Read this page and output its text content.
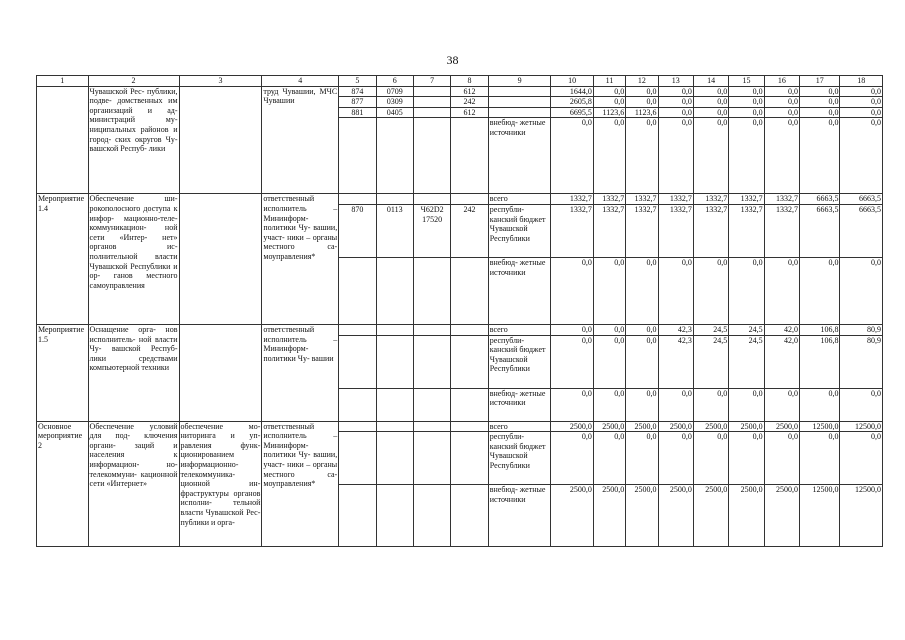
38
1	2	3	4	5	6	7	8	9	10	11	12	13	14	15	16	17	18
	Чувашской Рес- публики, подве- домственных им организаций и ад- министраций му- ниципальных районов и город- ских округов Чу- вашской Респуб- лики		труд Чувашии, МЧС Чувашии	874	0709		612		1644,0	0,0	0,0	0,0	0,0	0,0	0,0	0,0	0,0
				877	0309		242		2605,8	0,0	0,0	0,0	0,0	0,0	0,0	0,0	0,0
				881	0405		612		6695,5	1123,6	1123,6	0,0	0,0	0,0	0,0	0,0	0,0
								внебюд- жетные источники	0,0	0,0	0,0	0,0	0,0	0,0	0,0	0,0	0,0
Мероприятие 1.4	Обеспечение ши- рокополосного доступа к инфор- мационно-теле- коммуникацион- ной сети «Интер- нет» органов ис- полнительной власти Чувашской Республики и ор- ганов местного самоуправления		ответственный исполнитель – Мининформ- политики Чу- вашии, участ- ники – органы местного са- моуправления*					всего	1332,7	1332,7	1332,7	1332,7	1332,7	1332,7	1332,7	6663,5	6663,5
				870	0113	Ч62D2 17520	242	республи- канский бюджет Чувашской Республики	1332,7	1332,7	1332,7	1332,7	1332,7	1332,7	1332,7	6663,5	6663,5
								внебюд- жетные источники	0,0	0,0	0,0	0,0	0,0	0,0	0,0	0,0	0,0
Мероприятие 1.5	Оснащение орга- нов исполнитель- ной власти Чу- вашской Респуб- лики средствами компьютерной техники		ответственный исполнитель – Мининформ- политики Чу- вашии					всего	0,0	0,0	0,0	42,3	24,5	24,5	42,0	106,8	80,9
								республи- канский бюджет Чувашской Республики	0,0	0,0	0,0	42,3	24,5	24,5	42,0	106,8	80,9
								внебюд- жетные источники	0,0	0,0	0,0	0,0	0,0	0,0	0,0	0,0	0,0
Основное мероприятие 2	Обеспечение условий для под- ключения органи- заций и населения к информацион- но-телекоммуни- кационной сети «Интернет»	обеспечение мо- ниторинга и уп- равления функ- ционированием информационно- телекоммуника- ционной ин- фраструктуры органов исполни- тельной власти Чувашской Рес- публики и орга-	ответственный исполнитель – Мининформ- политики Чу- вашии, участ- ники – органы местного са- моуправления*					всего	2500,0	2500,0	2500,0	2500,0	2500,0	2500,0	2500,0	12500,0	12500,0
								республи- канский бюджет Чувашской Республики	0,0	0,0	0,0	0,0	0,0	0,0	0,0	0,0	0,0
								внебюд- жетные источники	2500,0	2500,0	2500,0	2500,0	2500,0	2500,0	2500,0	12500,0	12500,0
